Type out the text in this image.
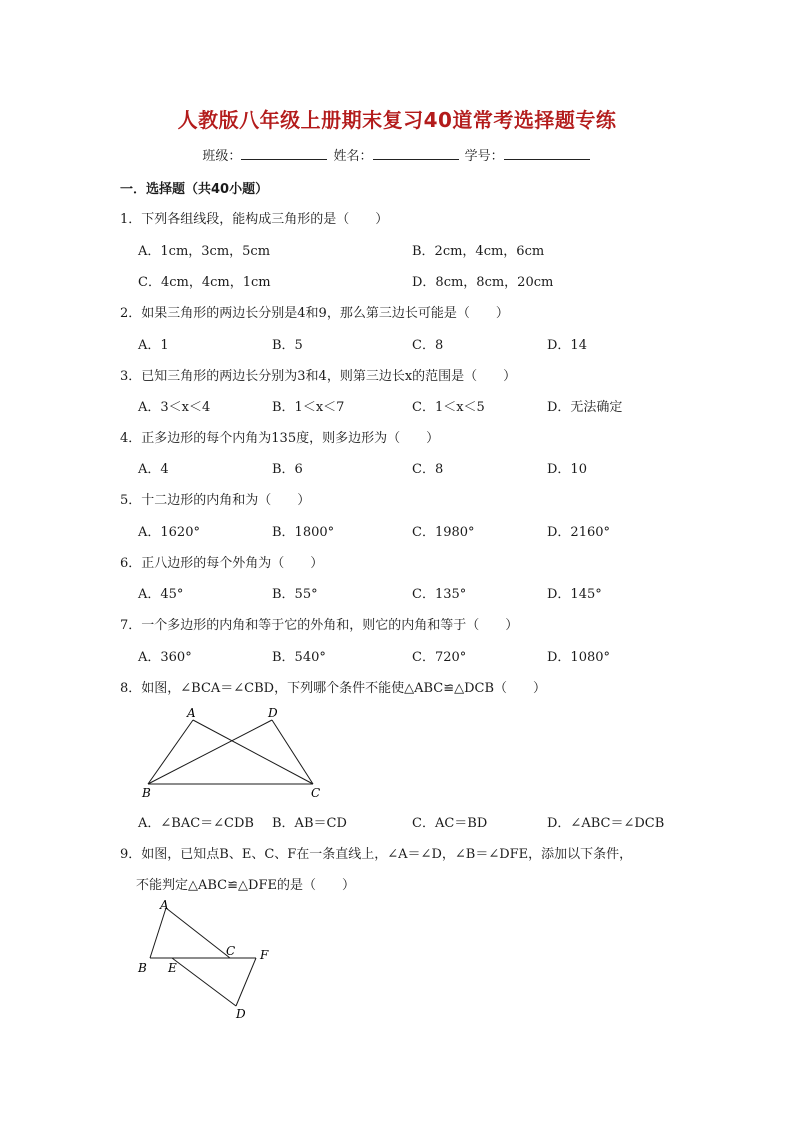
人教版八年级上册期末复习40道常考选择题专练
班级：	姓名：	学号：
一．选择题（共40小题）
1．下列各组线段，能构成三角形的是（　　）
A．1cm，3cm，5cm	B．2cm，4cm，6cm
C．4cm，4cm，1cm	D．8cm，8cm，20cm
2．如果三角形的两边长分别是4和9，那么第三边长可能是（　　）
A．1	B．5	C．8	D．14
3．已知三角形的两边长分别为3和4，则第三边长x的范围是（　　）
A．3＜x＜4	B．1＜x＜7	C．1＜x＜5	D．无法确定
4．正多边形的每个内角为135度，则多边形为（　　）
A．4	B．6	C．8	D．10
5．十二边形的内角和为（　　）
A．1620°	B．1800°	C．1980°	D．2160°
6．正八边形的每个外角为（　　）
A．45°	B．55°	C．135°	D．145°
7．一个多边形的内角和等于它的外角和，则它的内角和等于（　　）
A．360°	B．540°	C．720°	D．1080°
8．如图，∠BCA＝∠CBD，下列哪个条件不能使△ABC≌△DCB（　　）
A	D
B	C
A．∠BAC＝∠CDB B．AB＝CD	C．AC＝BD	D．∠ABC＝∠DCB
9．如图，已知点B、E、C、F在一条直线上，∠A＝∠D，∠B＝∠DFE，添加以下条件，
不能判定△ABC≌△DFE的是（　　）
A
B E
C F
D
